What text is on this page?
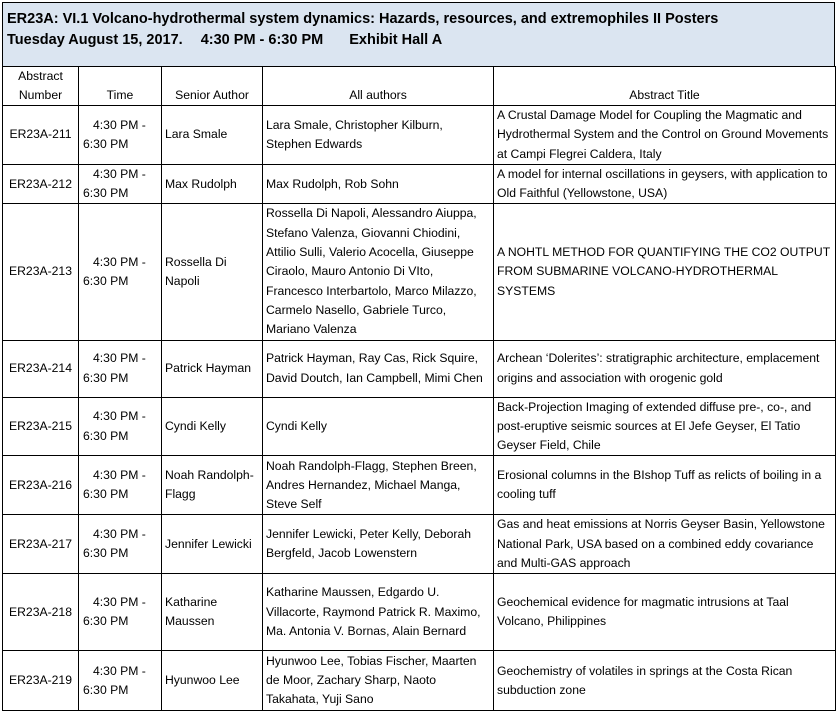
ER23A: VI.1 Volcano-hydrothermal system dynamics: Hazards, resources, and extremophiles II Posters
Tuesday August 15, 2017. 4:30 PM - 6:30 PM Exhibit Hall A
Abstract
Number	Time	Senior Author	All authors	Abstract Title
ER23A-211	4:30 PM -
6:30 PM	Lara Smale	Lara Smale, Christopher Kilburn, Stephen Edwards	A Crustal Damage Model for Coupling the Magmatic and Hydrothermal System and the Control on Ground Movements at Campi Flegrei Caldera, Italy
ER23A-212	4:30 PM -
6:30 PM	Max Rudolph	Max Rudolph, Rob Sohn	A model for internal oscillations in geysers, with application to Old Faithful (Yellowstone, USA)
ER23A-213	4:30 PM -
6:30 PM	Rossella Di Napoli	Rossella Di Napoli, Alessandro Aiuppa, Stefano Valenza, Giovanni Chiodini, Attilio Sulli, Valerio Acocella, Giuseppe Ciraolo, Mauro Antonio Di VIto, Francesco Interbartolo, Marco Milazzo, Carmelo Nasello, Gabriele Turco, Mariano Valenza	A NOHTL METHOD FOR QUANTIFYING THE CO2 OUTPUT FROM SUBMARINE VOLCANO-HYDROTHERMAL SYSTEMS
ER23A-214	4:30 PM -
6:30 PM	Patrick Hayman	Patrick Hayman, Ray Cas, Rick Squire, David Doutch, Ian Campbell, Mimi Chen	Archean ‘Dolerites’: stratigraphic architecture, emplacement origins and association with orogenic gold
ER23A-215	4:30 PM -
6:30 PM	Cyndi Kelly	Cyndi Kelly	Back-Projection Imaging of extended diffuse pre-, co-, and post-eruptive seismic sources at El Jefe Geyser, El Tatio Geyser Field, Chile
ER23A-216	4:30 PM -
6:30 PM	Noah Randolph-Flagg	Noah Randolph-Flagg, Stephen Breen, Andres Hernandez, Michael Manga, Steve Self	Erosional columns in the BIshop Tuff as relicts of boiling in a cooling tuff
ER23A-217	4:30 PM -
6:30 PM	Jennifer Lewicki	Jennifer Lewicki, Peter Kelly, Deborah Bergfeld, Jacob Lowenstern	Gas and heat emissions at Norris Geyser Basin, Yellowstone National Park, USA based on a combined eddy covariance and Multi-GAS approach
ER23A-218	4:30 PM -
6:30 PM	Katharine Maussen	Katharine Maussen, Edgardo U. Villacorte, Raymond Patrick R. Maximo, Ma. Antonia V. Bornas, Alain Bernard	Geochemical evidence for magmatic intrusions at Taal Volcano, Philippines
ER23A-219	4:30 PM -
6:30 PM	Hyunwoo Lee	Hyunwoo Lee, Tobias Fischer, Maarten de Moor, Zachary Sharp, Naoto Takahata, Yuji Sano	Geochemistry of volatiles in springs at the Costa Rican subduction zone
